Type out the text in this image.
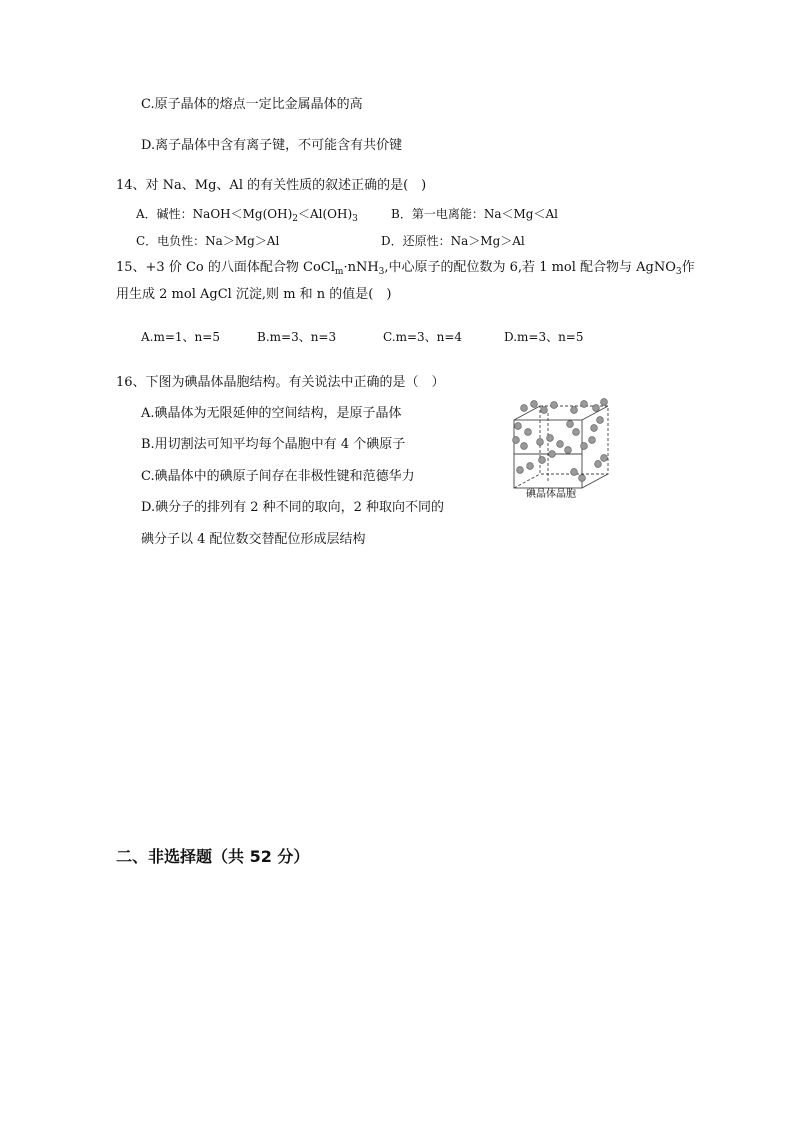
C.原子晶体的熔点一定比金属晶体的高
D.离子晶体中含有离子键，不可能含有共价键
14、对 Na、Mg、Al 的有关性质的叙述正确的是(　)
A．碱性：$NaOH<Mg(OH)_2<Al(OH)_3$	B．第一电离能：Na＜Mg＜Al
C．电负性：Na＞Mg＞Al	D．还原性：Na＞Mg＞Al
15、+3 价 Co 的八面体配合物 CoCl$_m$·nNH$_3$,中心原子的配位数为 6,若 1 mol 配合物与 AgNO$_3$作
用生成 2 mol AgCl 沉淀,则 m 和 n 的值是(　)
A.m=1、n=5	B.m=3、n=3	C.m=3、n=4	D.m=3、n=5
16、下图为碘晶体晶胞结构。有关说法中正确的是（　）
A.碘晶体为无限延伸的空间结构，是原子晶体
B.用切割法可知平均每个晶胞中有 4 个碘原子
C.碘晶体中的碘原子间存在非极性键和范德华力
D.碘分子的排列有 2 种不同的取向，2 种取向不同的
碘分子以 4 配位数交替配位形成层结构
碘晶体晶胞
二、非选择题（共 52 分）
